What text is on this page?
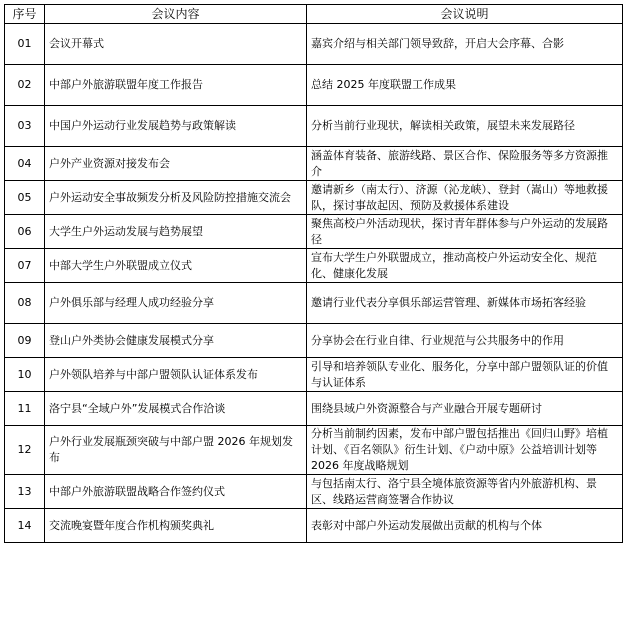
序号	会议内容	会议说明
01	会议开幕式	嘉宾介绍与相关部门领导致辞，开启大会序幕、合影
02	中部户外旅游联盟年度工作报告	总结 2025 年度联盟工作成果
03	中国户外运动行业发展趋势与政策解读	分析当前行业现状，解读相关政策，展望未来发展路径
04	户外产业资源对接发布会	涵盖体育装备、旅游线路、景区合作、保险服务等多方资源推介
05	户外运动安全事故频发分析及风险防控措施交流会	邀请新乡（南太行）、济源（沁龙峡）、登封（嵩山）等地救援队，探讨事故起因、预防及救援体系建设
06	大学生户外运动发展与趋势展望	聚焦高校户外活动现状，探讨青年群体参与户外运动的发展路径
07	中部大学生户外联盟成立仪式	宣布大学生户外联盟成立，推动高校户外运动安全化、规范化、健康化发展
08	户外俱乐部与经理人成功经验分享	邀请行业代表分享俱乐部运营管理、新媒体市场拓客经验
09	登山户外类协会健康发展模式分享	分享协会在行业自律、行业规范与公共服务中的作用
10	户外领队培养与中部户盟领队认证体系发布	引导和培养领队专业化、服务化，分享中部户盟领队证的价值与认证体系
11	洛宁县“全域户外”发展模式合作洽谈	围绕县域户外资源整合与产业融合开展专题研讨
12	户外行业发展瓶颈突破与中部户盟 2026 年规划发布	分析当前制约因素，发布中部户盟包括推出《回归山野》培植计划、《百名领队》衍生计划、《户动中原》公益培训计划等 2026 年度战略规划
13	中部户外旅游联盟战略合作签约仪式	与包括南太行、洛宁县全境体旅资源等省内外旅游机构、景区、线路运营商签署合作协议
14	交流晚宴暨年度合作机构颁奖典礼	表彰对中部户外运动发展做出贡献的机构与个体
